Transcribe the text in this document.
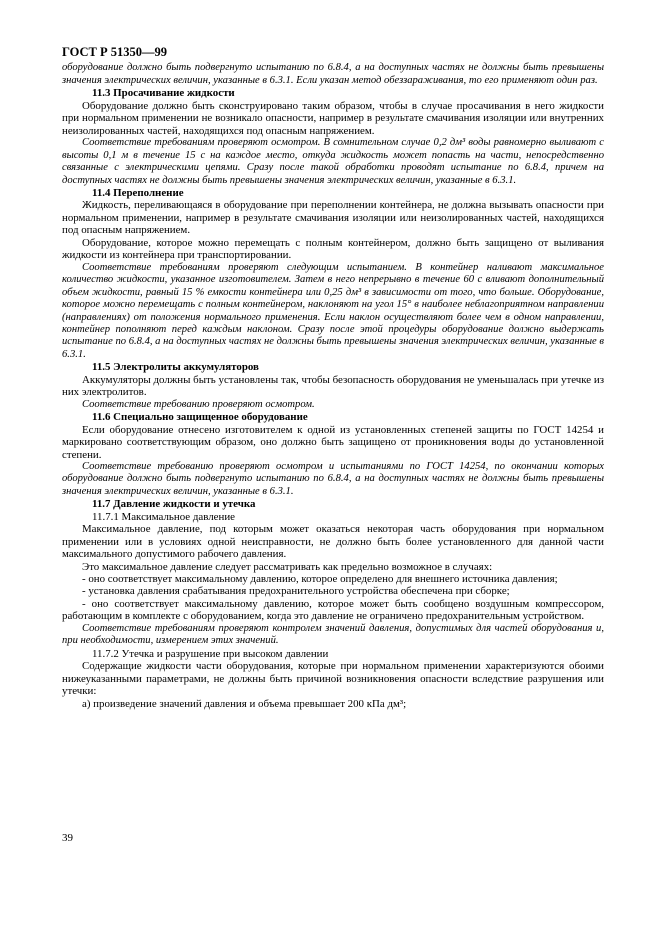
ГОСТ Р 51350—99

оборудование должно быть подвергнуто испытанию по 6.8.4, а на доступных частях не должны быть превышены значения электрических величин, указанные в 6.3.1. Если указан метод обеззараживания, то его применяют один раз.

11.3 Просачивание жидкости

Оборудование должно быть сконструировано таким образом, чтобы в случае просачивания в него жидкости при нормальном применении не возникало опасности, например в результате смачивания изоляции или внутренних неизолированных частей, находящихся под опасным напряжением.

Соответствие требованиям проверяют осмотром. В сомнительном случае 0,2 дм³ воды равномерно выливают с высоты 0,1 м в течение 15 с на каждое место, откуда жидкость может попасть на части, непосредственно связанные с электрическими цепями. Сразу после такой обработки проводят испытание по 6.8.4, причем на доступных частях не должны быть превышены значения электрических величин, указанные в 6.3.1.

11.4 Переполнение

Жидкость, переливающаяся в оборудование при переполнении контейнера, не должна вызывать опасности при нормальном применении, например в результате смачивания изоляции или неизолированных частей, находящихся под опасным напряжением.

Оборудование, которое можно перемещать с полным контейнером, должно быть защищено от выливания жидкости из контейнера при транспортировании.

Соответствие требованиям проверяют следующим испытанием. В контейнер наливают максимальное количество жидкости, указанное изготовителем. Затем в него непрерывно в течение 60 с вливают дополнительный объем жидкости, равный 15 % емкости контейнера или 0,25 дм³ в зависимости от того, что больше. Оборудование, которое можно перемещать с полным контейнером, наклоняют на угол 15° в наиболее неблагоприятном направлении (направлениях) от положения нормального применения. Если наклон осуществляют более чем в одном направлении, контейнер пополняют перед каждым наклоном. Сразу после этой процедуры оборудование должно выдержать испытание по 6.8.4, а на доступных частях не должны быть превышены значения электрических величин, указанные в 6.3.1.

11.5 Электролиты аккумуляторов

Аккумуляторы должны быть установлены так, чтобы безопасность оборудования не уменьшалась при утечке из них электролитов.

Соответствие требованию проверяют осмотром.

11.6 Специально защищенное оборудование

Если оборудование отнесено изготовителем к одной из установленных степеней защиты по ГОСТ 14254 и маркировано соответствующим образом, оно должно быть защищено от проникновения воды до установленной степени.

Соответствие требованию проверяют осмотром и испытаниями по ГОСТ 14254, по окончании которых оборудование должно быть подвергнуто испытанию по 6.8.4, а на доступных частях не должны быть превышены значения электрических величин, указанные в 6.3.1.

11.7 Давление жидкости и утечка

11.7.1 Максимальное давление

Максимальное давление, под которым может оказаться некоторая часть оборудования при нормальном применении или в условиях одной неисправности, не должно быть более установленного для данной части максимального допустимого рабочего давления.

Это максимальное давление следует рассматривать как предельно возможное в случаях:

- оно соответствует максимальному давлению, которое определено для внешнего источника давления;

- установка давления срабатывания предохранительного устройства обеспечена при сборке;

- оно соответствует максимальному давлению, которое может быть сообщено воздушным компрессором, работающим в комплекте с оборудованием, когда это давление не ограничено предохранительным устройством.

Соответствие требованиям проверяют контролем значений давления, допустимых для частей оборудования и, при необходимости, измерением этих значений.

11.7.2 Утечка и разрушение при высоком давлении

Содержащие жидкости части оборудования, которые при нормальном применении характеризуются обоими нижеуказанными параметрами, не должны быть причиной возникновения опасности вследствие разрушения или утечки:

а) произведение значений давления и объема превышает 200 кПа дм³;

39
